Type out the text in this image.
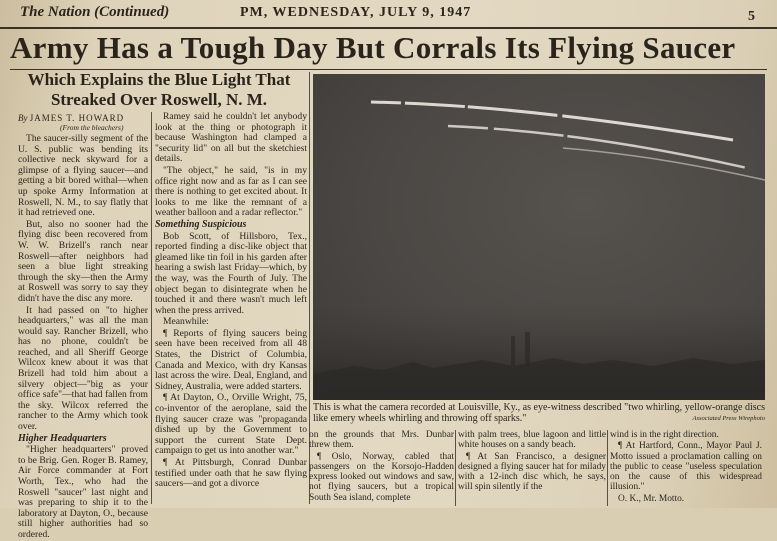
The Nation (Continued)	PM, WEDNESDAY, JULY 9, 1947	5
Army Has a Tough Day But Corrals Its Flying Saucer
Which Explains the Blue Light That Streaked Over Roswell, N. M.
By JAMES T. HOWARD
(From the bleachers)

The saucer-silly segment of the U. S. public was bending its collective neck skyward for a glimpse of a flying saucer—and getting a bit bored withal—when up spoke Army Information at Roswell, N. M., to say flatly that it had retrieved one.

But, also no sooner had the flying disc been recovered from W. W. Brizell's ranch near Roswell—after neighbors had seen a blue light streaking through the sky—then the Army at Roswell was sorry to say they didn't have the disc any more.

It had passed on "to higher headquarters," was all the man would say. Rancher Brizell, who has no phone, couldn't be reached, and all Sheriff George Wilcox knew about it was that Brizell had told him about a silvery object—"big as your office safe"—that had fallen from the sky. Wilcox referred the rancher to the Army which took over.

Higher Headquarters

"Higher headquarters" proved to be Brig. Gen. Roger B. Ramey, Air Force commander at Fort Worth, Tex., who had the Roswell "saucer" last night and was preparing to ship it to the laboratory at Dayton, O., because still higher authorities had so ordered.

Ramey said he couldn't let anybody look at the thing or photograph it because Washington had clamped a "security lid" on all but the sketchiest details.

"The object," he said, "is in my office right now and as far as I can see there is nothing to get excited about. It looks to me like the remnant of a weather balloon and a radar reflector."

Something Suspicious

Bob Scott, of Hillsboro, Tex., reported finding a disc-like object that gleamed like tin foil in his garden after hearing a swish last Friday—which, by the way, was the Fourth of July. The object began to disintegrate when he touched it and there wasn't much left when the press arrived.

Meanwhile:

¶ Reports of flying saucers being seen have been received from all 48 States, the District of Columbia, Canada and Mexico, with dry Kansas last across the wire. Deal, England, and Sidney, Australia, were added starters.

¶ At Dayton, O., Orville Wright, 75, co-inventor of the aeroplane, said the flying saucer craze was "propaganda dished up by the Government to support the current State Dept. campaign to get us into another war."

¶ At Pittsburgh, Conrad Dunbar testified under oath that he saw flying saucers—and got a divorce

This is what the camera recorded at Louisville, Ky., as eye-witness described "two whirling, yellow-orange discs like emery wheels whirling and throwing off sparks."	Associated Press Wirephoto

on the grounds that Mrs. Dunbar threw them.

¶ Oslo, Norway, cabled that passengers on the Korsojo-Hadden express looked out windows and saw, not flying saucers, but a tropical South Sea island, complete

with palm trees, blue lagoon and little white houses on a sandy beach.

¶ At San Francisco, a designer designed a flying saucer hat for milady with a 12-inch disc which, he says, will spin silently if the

wind is in the right direction.

¶ At Hartford, Conn., Mayor Paul J. Motto issued a proclamation calling on the public to cease "useless speculation on the cause of this widespread illusion."

O. K., Mr. Motto.
